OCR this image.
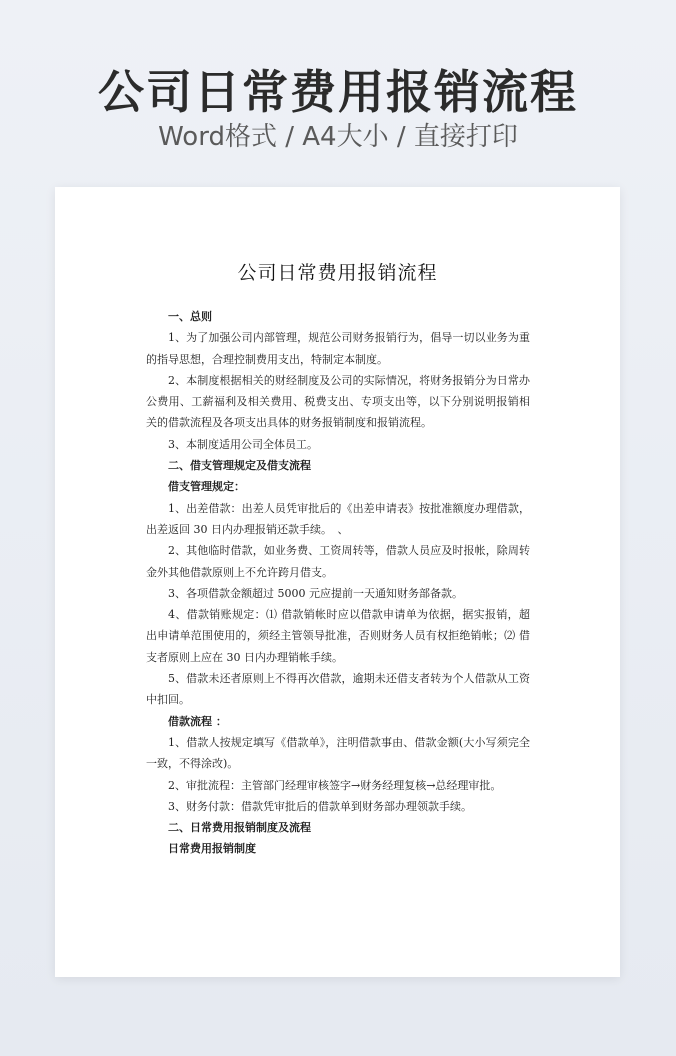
公司日常费用报销流程
Word格式 / A4大小 / 直接打印
公司日常费用报销流程

一、总则

1、为了加强公司内部管理，规范公司财务报销行为，倡导一切以业务为重的指导思想，合理控制费用支出，特制定本制度。

2、本制度根据相关的财经制度及公司的实际情况，将财务报销分为日常办公费用、工薪福利及相关费用、税费支出、专项支出等，以下分别说明报销相关的借款流程及各项支出具体的财务报销制度和报销流程。

3、本制度适用公司全体员工。

二、借支管理规定及借支流程

借支管理规定：

1、出差借款：出差人员凭审批后的《出差申请表》按批准额度办理借款，出差返回 30 日内办理报销还款手续。　、

2、其他临时借款，如业务费、工资周转等，借款人员应及时报帐，除周转金外其他借款原则上不允许跨月借支。

3、各项借款金额超过 5000 元应提前一天通知财务部备款。

4、借款销账规定：⑴ 借款销帐时应以借款申请单为依据，据实报销，超出申请单范围使用的，须经主管领导批准，否则财务人员有权拒绝销帐；⑵ 借支者原则上应在 30 日内办理销帐手续。

5、借款未还者原则上不得再次借款，逾期未还借支者转为个人借款从工资中扣回。

借款流程 ：

1、借款人按规定填写《借款单》，注明借款事由、借款金额(大小写须完全一致，不得涂改)。

2、审批流程：主管部门经理审核签字→财务经理复核→总经理审批。

3、财务付款：借款凭审批后的借款单到财务部办理领款手续。

二、日常费用报销制度及流程

日常费用报销制度
